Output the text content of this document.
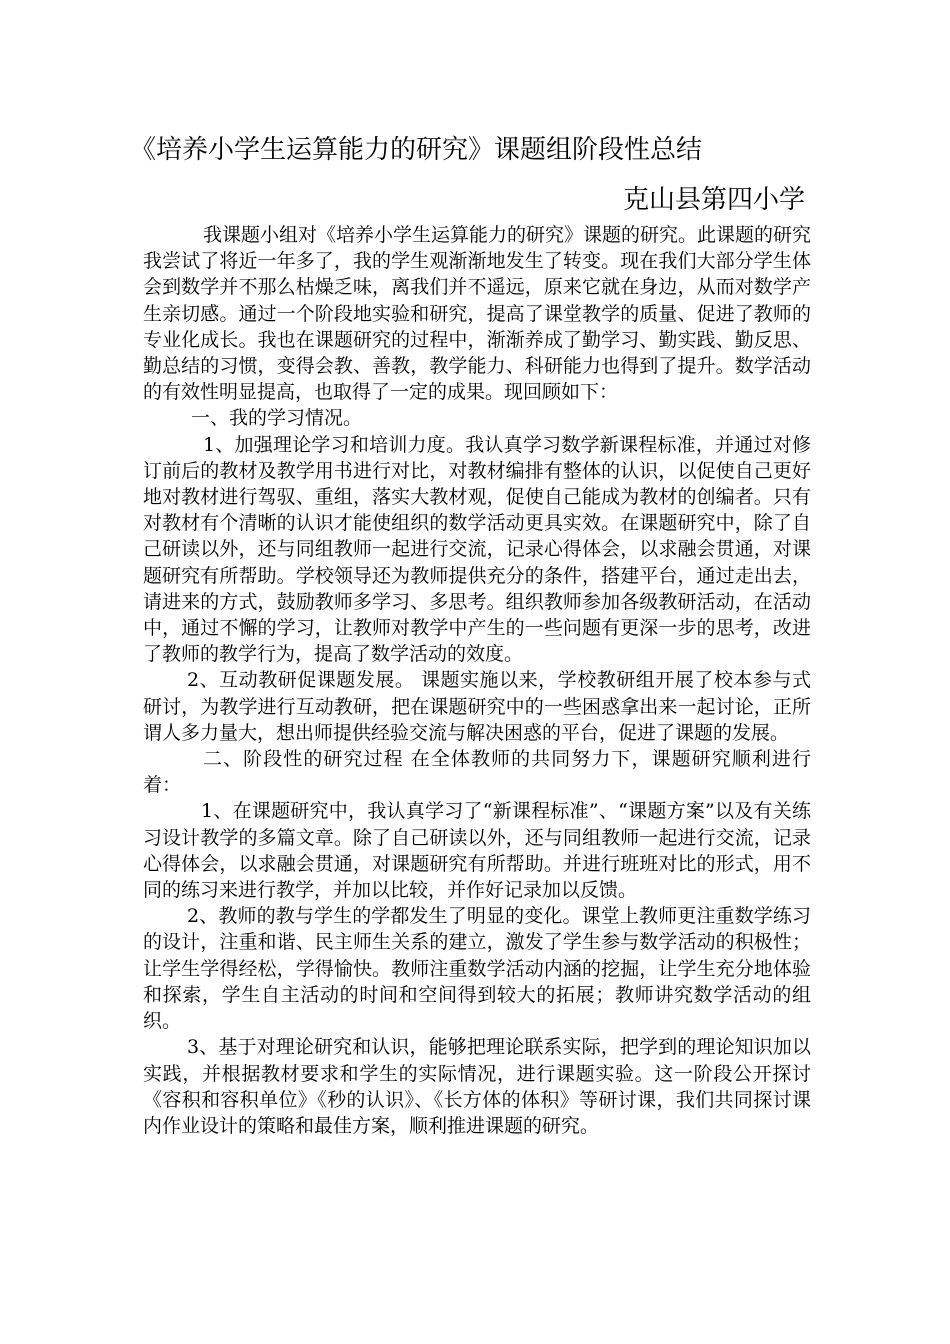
《培养小学生运算能力的研究》课题组阶段性总结
克山县第四小学

我课题小组对《培养小学生运算能力的研究》课题的研究。此课题的研究我尝试了将近一年多了，我的学生观渐渐地发生了转变。现在我们大部分学生体会到数学并不那么枯燥乏味，离我们并不遥远，原来它就在身边，从而对数学产生亲切感。通过一个阶段地实验和研究，提高了课堂教学的质量、促进了教师的专业化成长。我也在课题研究的过程中，渐渐养成了勤学习、勤实践、勤反思、勤总结的习惯，变得会教、善教，教学能力、科研能力也得到了提升。数学活动的有效性明显提高，也取得了一定的成果。现回顾如下：

一、我的学习情况。

1、加强理论学习和培训力度。我认真学习数学新课程标准，并通过对修订前后的教材及教学用书进行对比，对教材编排有整体的认识，以促使自己更好地对教材进行驾驭、重组，落实大教材观，促使自己能成为教材的创编者。只有对教材有个清晰的认识才能使组织的数学活动更具实效。在课题研究中，除了自己研读以外，还与同组教师一起进行交流，记录心得体会，以求融会贯通，对课题研究有所帮助。学校领导还为教师提供充分的条件，搭建平台，通过走出去，请进来的方式，鼓励教师多学习、多思考。组织教师参加各级教研活动，在活动中，通过不懈的学习，让教师对教学中产生的一些问题有更深一步的思考，改进了教师的教学行为，提高了数学活动的效度。

2、互动教研促课题发展。 课题实施以来，学校教研组开展了校本参与式研讨，为教学进行互动教研，把在课题研究中的一些困惑拿出来一起讨论，正所谓人多力量大，想出师提供经验交流与解决困惑的平台，促进了课题的发展。

二、阶段性的研究过程 在全体教师的共同努力下，课题研究顺利进行着：

1、在课题研究中，我认真学习了“新课程标准”、“课题方案”以及有关练习设计教学的多篇文章。除了自己研读以外，还与同组教师一起进行交流，记录心得体会，以求融会贯通，对课题研究有所帮助。并进行班班对比的形式，用不同的练习来进行教学，并加以比较，并作好记录加以反馈。

2、教师的教与学生的学都发生了明显的变化。课堂上教师更注重数学练习的设计，注重和谐、民主师生关系的建立，激发了学生参与数学活动的积极性；让学生学得经松，学得愉快。教师注重数学活动内涵的挖掘，让学生充分地体验和探索，学生自主活动的时间和空间得到较大的拓展；教师讲究数学活动的组织。

3、基于对理论研究和认识，能够把理论联系实际，把学到的理论知识加以实践，并根据教材要求和学生的实际情况，进行课题实验。这一阶段公开探讨《容积和容积单位》《秒的认识》、《长方体的体积》等研讨课，我们共同探讨课内作业设计的策略和最佳方案，顺利推进课题的研究。
